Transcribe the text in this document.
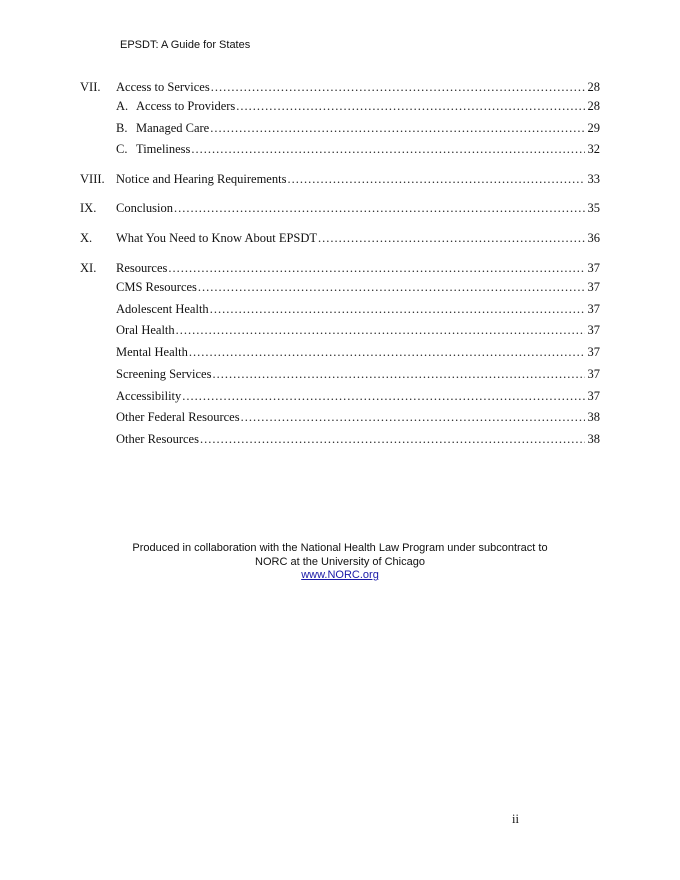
EPSDT: A Guide for States
VII. Access to Services .....	28
A. Access to Providers .....	28
B. Managed Care .....	29
C. Timeliness .....	32
VIII. Notice and Hearing Requirements .....	33
IX. Conclusion .....	35
X. What You Need to Know About EPSDT .....	36
XI. Resources .....	37
CMS Resources .....	37
Adolescent Health .....	37
Oral Health .....	37
Mental Health .....	37
Screening Services .....	37
Accessibility .....	37
Other Federal Resources .....	38
Other Resources .....	38
Produced in collaboration with the National Health Law Program under subcontract to
NORC at the University of Chicago
www.NORC.org
ii
